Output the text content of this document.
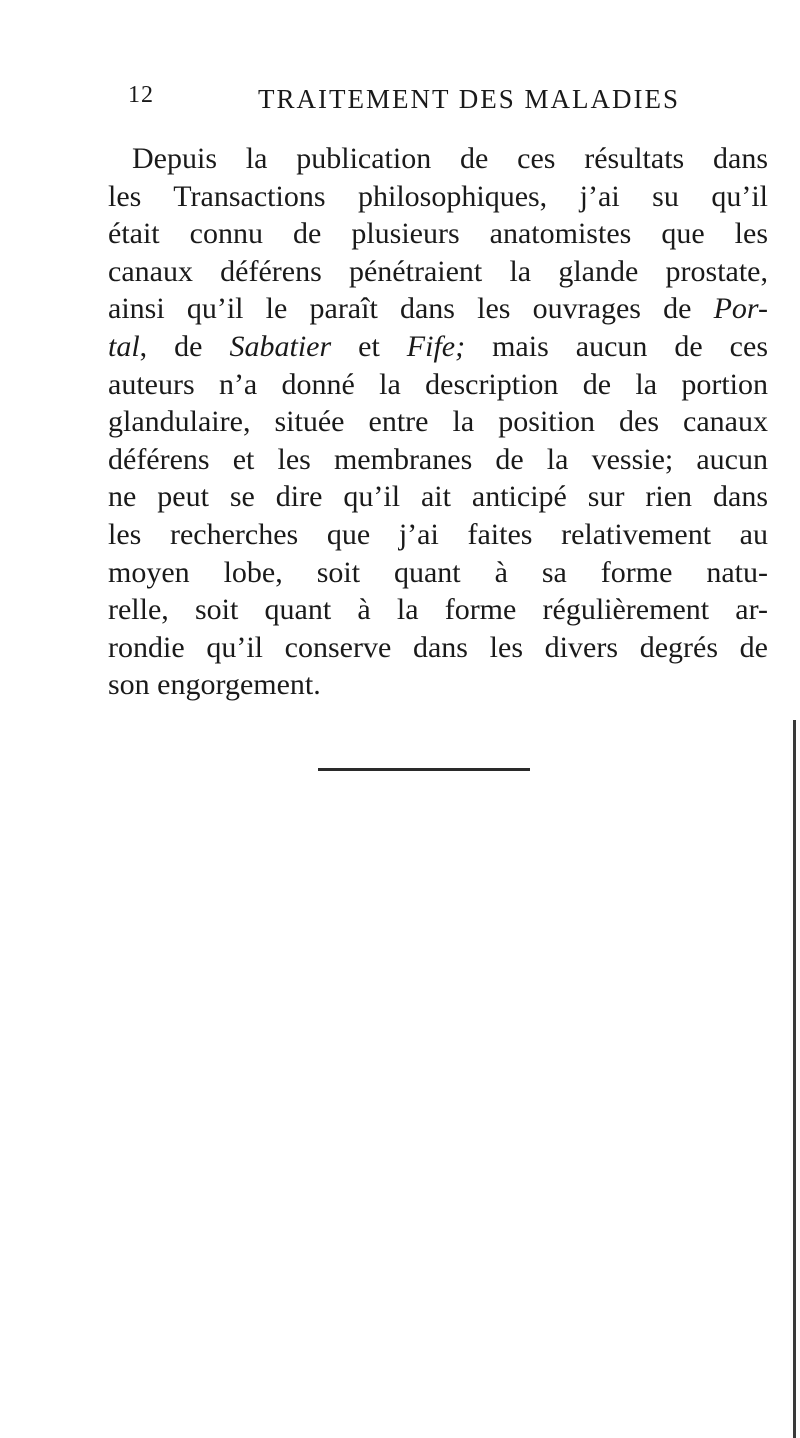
12	TRAITEMENT DES MALADIES

Depuis la publication de ces résultats dans
les Transactions philosophiques, j’ai su qu’il
était connu de plusieurs anatomistes que les
canaux déférens pénétraient la glande prostate,
ainsi qu’il le paraît dans les ouvrages de Por-
tal, de Sabatier et Fife; mais aucun de ces
auteurs n’a donné la description de la portion
glandulaire, située entre la position des canaux
déférens et les membranes de la vessie; aucun
ne peut se dire qu’il ait anticipé sur rien dans
les recherches que j’ai faites relativement au
moyen lobe, soit quant à sa forme natu-
relle, soit quant à la forme régulièrement ar-
rondie qu’il conserve dans les divers degrés de
son engorgement.
